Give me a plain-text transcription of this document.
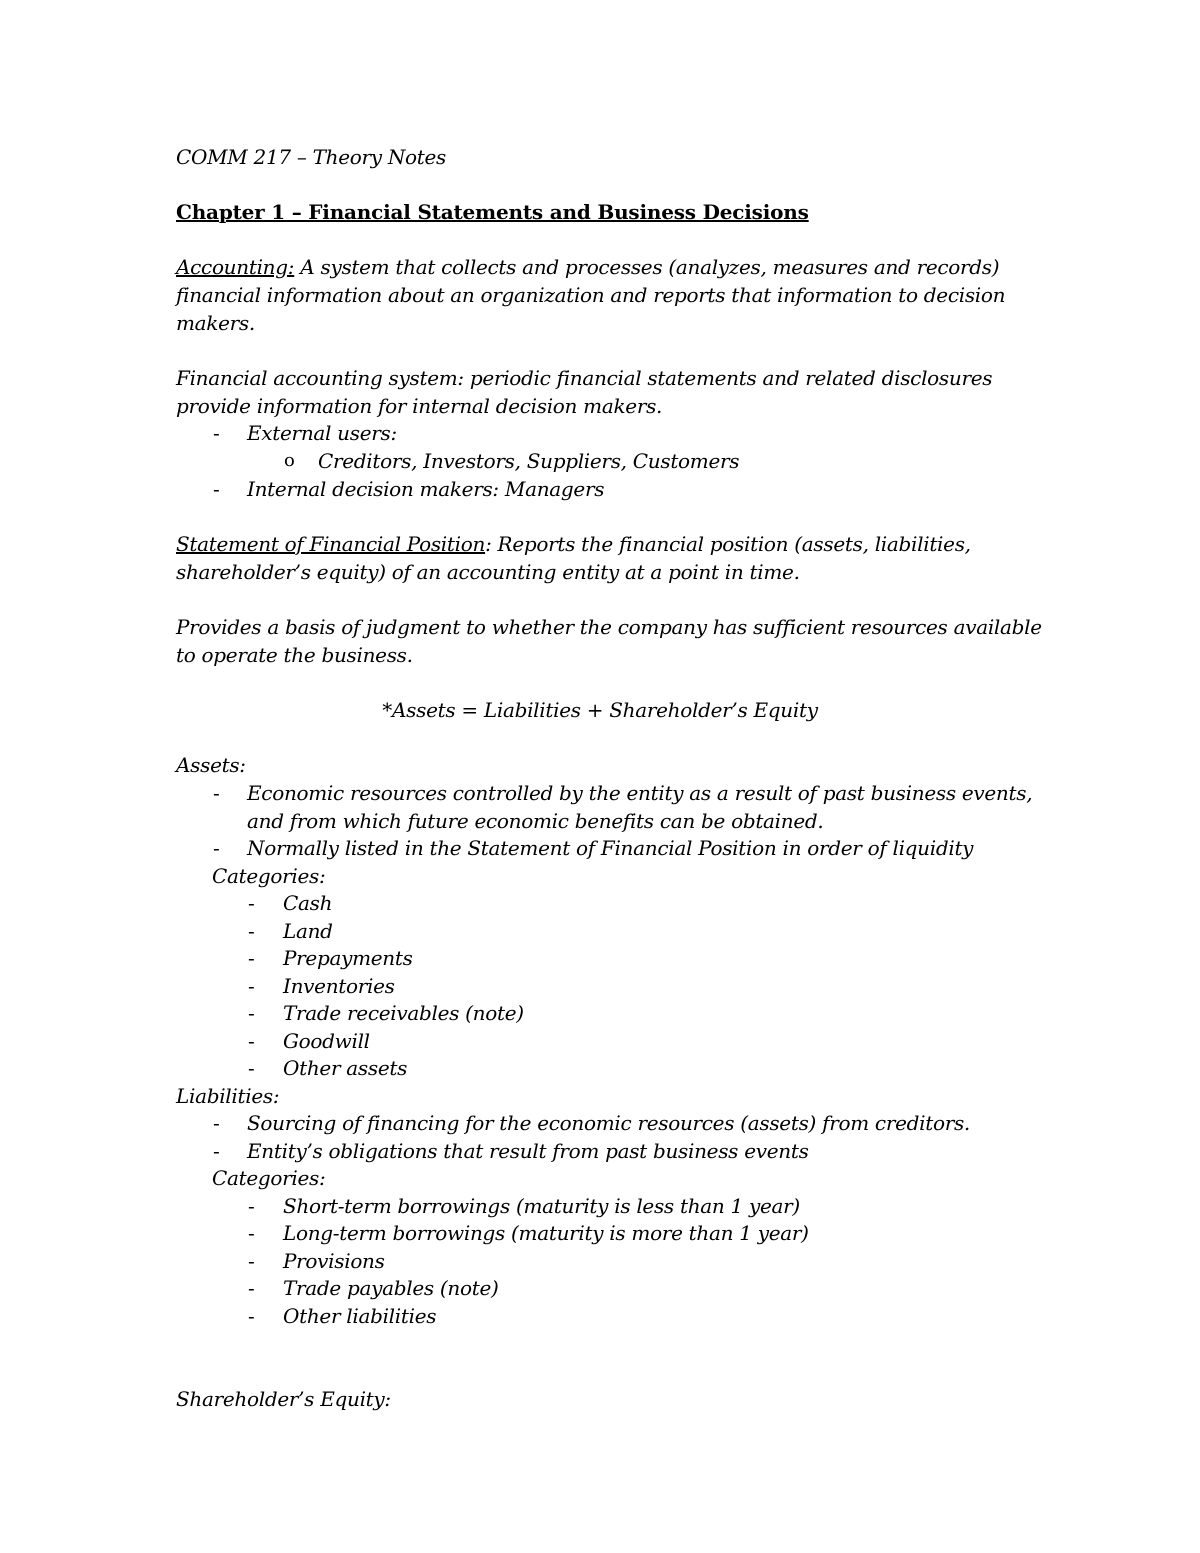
COMM 217 – Theory Notes
Chapter 1 – Financial Statements and Business Decisions
Accounting: A system that collects and processes (analyzes, measures and records)
financial information about an organization and reports that information to decision
makers.
Financial accounting system: periodic financial statements and related disclosures
provide information for internal decision makers.
- External users:
o Creditors, Investors, Suppliers, Customers
- Internal decision makers: Managers
Statement of Financial Position: Reports the financial position (assets, liabilities,
shareholder’s equity) of an accounting entity at a point in time.
Provides a basis of judgment to whether the company has sufficient resources available
to operate the business.
*Assets = Liabilities + Shareholder’s Equity
Assets:
- Economic resources controlled by the entity as a result of past business events,
and from which future economic benefits can be obtained.
- Normally listed in the Statement of Financial Position in order of liquidity
Categories:
- Cash
- Land
- Prepayments
- Inventories
- Trade receivables (note)
- Goodwill
- Other assets
Liabilities:
- Sourcing of financing for the economic resources (assets) from creditors.
- Entity’s obligations that result from past business events
Categories:
- Short-term borrowings (maturity is less than 1 year)
- Long-term borrowings (maturity is more than 1 year)
- Provisions
- Trade payables (note)
- Other liabilities
Shareholder’s Equity:
